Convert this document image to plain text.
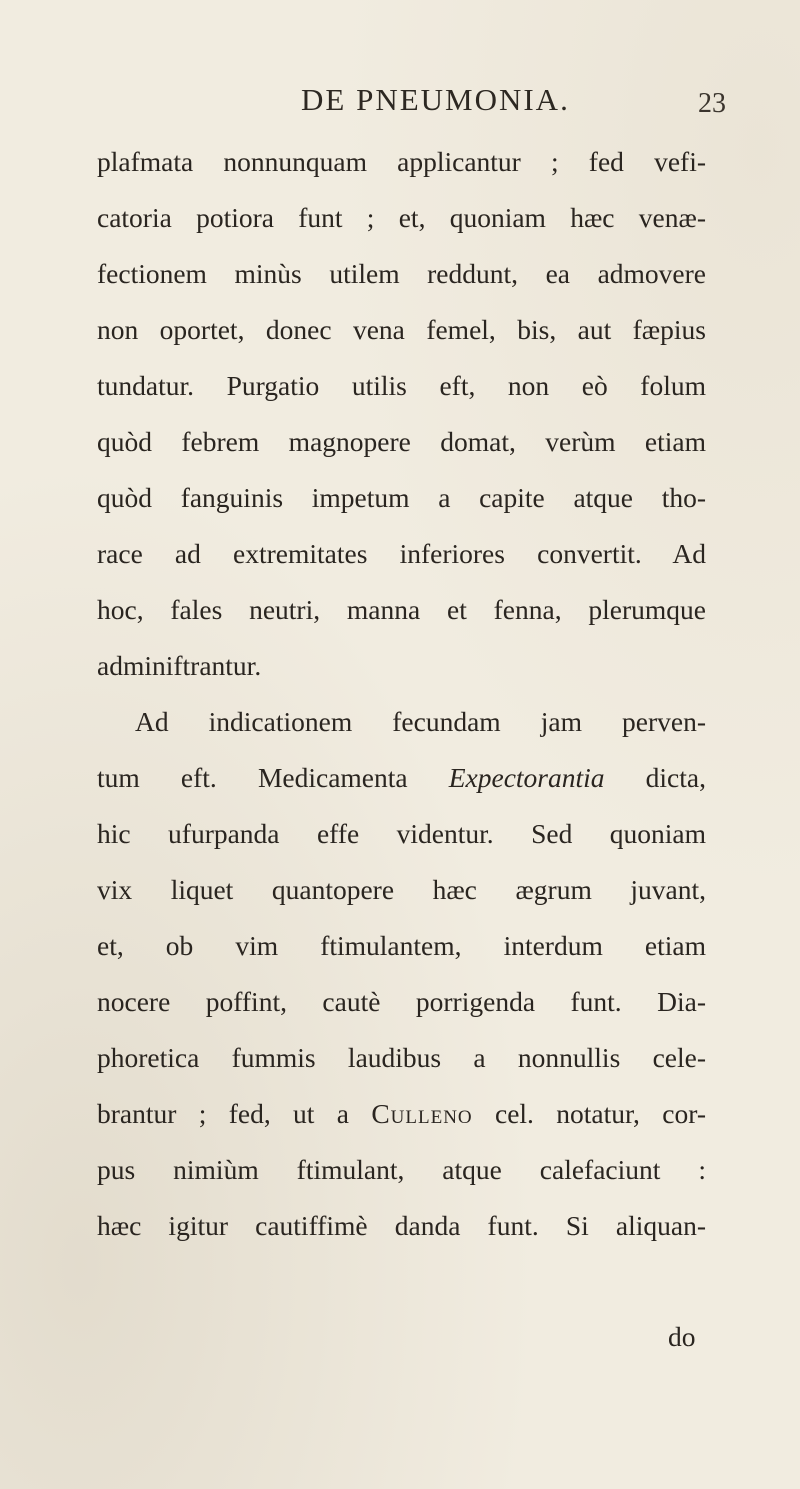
DE PNEUMONIA.	23
plafmata nonnunquam applicantur ; fed vefi-
catoria potiora funt ; et, quoniam hæc venæ-
fectionem minùs utilem reddunt, ea admovere
non oportet, donec vena femel, bis, aut fæpius
tundatur. Purgatio utilis eft, non eò folum
quòd febrem magnopere domat, verùm etiam
quòd fanguinis impetum a capite atque tho-
race ad extremitates inferiores convertit. Ad
hoc, fales neutri, manna et fenna, plerumque
adminiftrantur.
Ad indicationem fecundam jam perven-
tum eft. Medicamenta Expectorantia dicta,
hic ufurpanda effe videntur. Sed quoniam
vix liquet quantopere hæc ægrum juvant,
et, ob vim ftimulantem, interdum etiam
nocere poffint, cautè porrigenda funt. Dia-
phoretica fummis laudibus a nonnullis cele-
brantur ; fed, ut a Culleno cel. notatur, cor-
pus nimiùm ftimulant, atque calefaciunt :
hæc igitur cautiffimè danda funt. Si aliquan-
do
